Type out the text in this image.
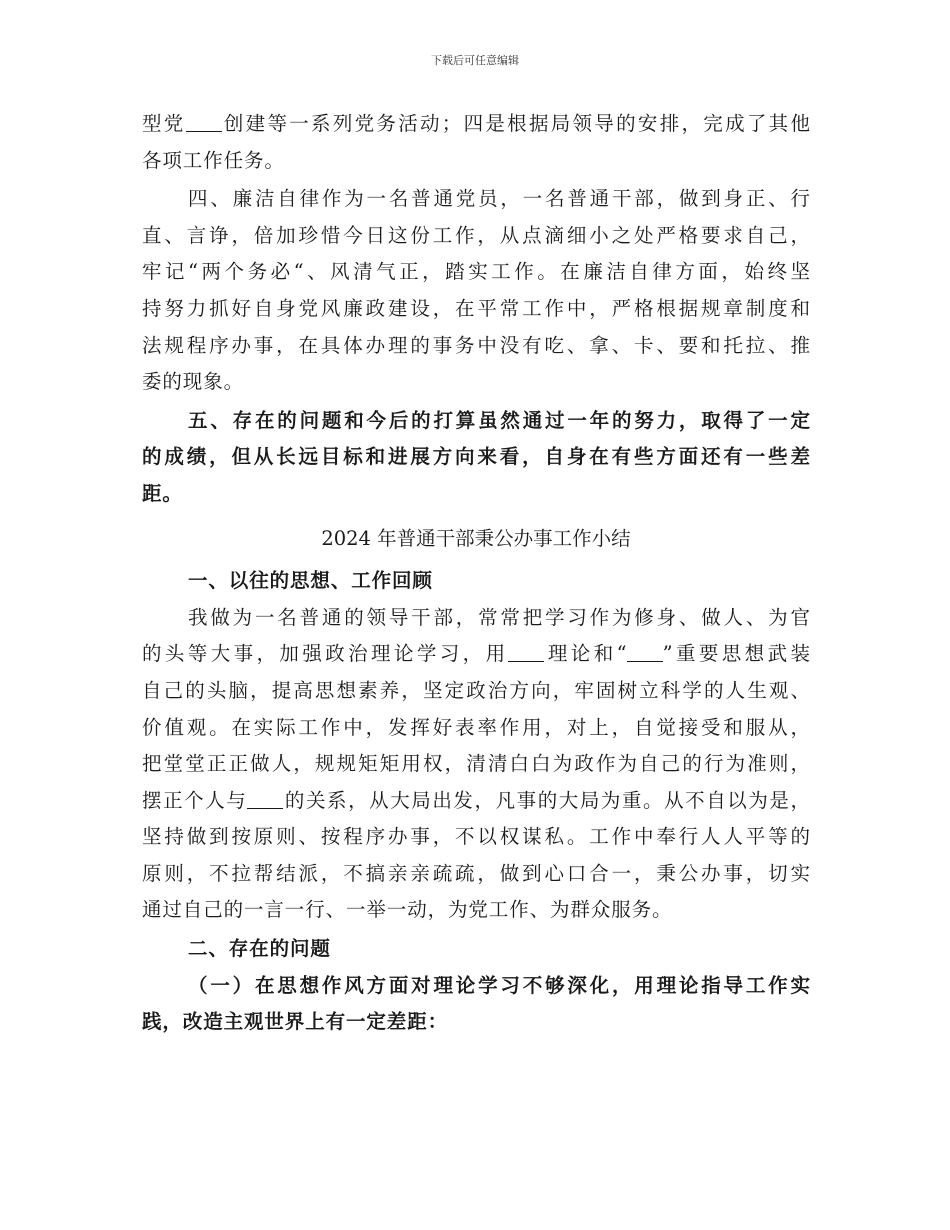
下载后可任意编辑
型党 创建等一系列党务活动；四是根据局领导的安排，完成了其他
各项工作任务。
四、廉洁自律作为一名普通党员，一名普通干部，做到身正、行
直、言诤，倍加珍惜今日这份工作，从点滴细小之处严格要求自己，
牢记“两个务必“、风清气正，踏实工作。在廉洁自律方面，始终坚
持努力抓好自身党风廉政建设，在平常工作中，严格根据规章制度和
法规程序办事，在具体办理的事务中没有吃、拿、卡、要和托拉、推
委的现象。
五、存在的问题和今后的打算虽然通过一年的努力，取得了一定
的成绩，但从长远目标和进展方向来看，自身在有些方面还有一些差
距。
2024 年普通干部秉公办事工作小结
一、以往的思想、工作回顾
我做为一名普通的领导干部，常常把学习作为修身、做人、为官
的头等大事，加强政治理论学习，用 理论和“ ”重要思想武装
自己的头脑，提高思想素养，坚定政治方向，牢固树立科学的人生观、
价值观。在实际工作中，发挥好表率作用，对上，自觉接受和服从，
把堂堂正正做人，规规矩矩用权，清清白白为政作为自己的行为准则，
摆正个人与 的关系，从大局出发，凡事的大局为重。从不自以为是，
坚持做到按原则、按程序办事，不以权谋私。工作中奉行人人平等的
原则，不拉帮结派，不搞亲亲疏疏，做到心口合一，秉公办事，切实
通过自己的一言一行、一举一动，为党工作、为群众服务。
二、存在的问题
（一）在思想作风方面对理论学习不够深化，用理论指导工作实
践，改造主观世界上有一定差距：
